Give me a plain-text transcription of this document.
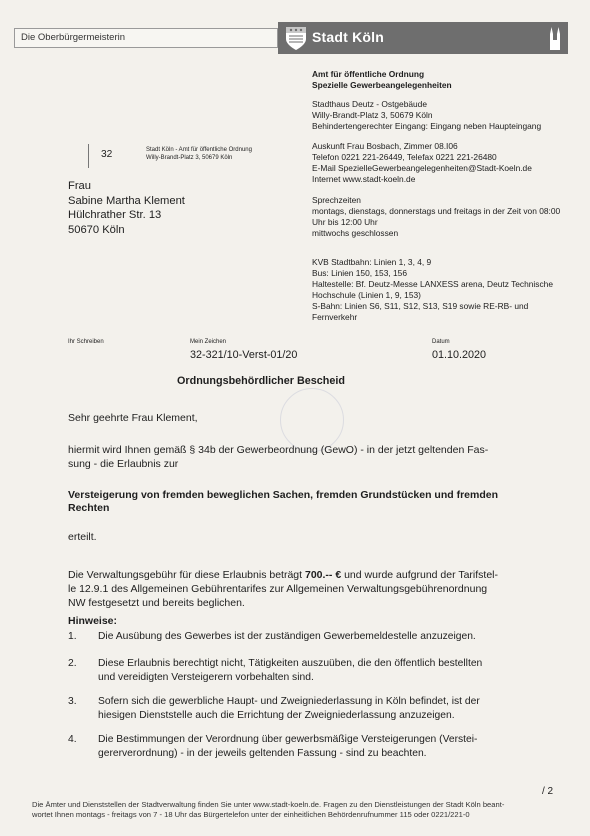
Die Oberbürgermeisterin	Stadt Köln
Amt für öffentliche Ordnung
Spezielle Gewerbeangelegenheiten
Stadthaus Deutz - Ostgebäude
Willy-Brandt-Platz 3, 50679 Köln
Behindertengerechter Eingang: Eingang neben Haupteingang
32	Stadt Köln - Amt für öffentliche Ordnung
Willy-Brandt-Platz 3, 50679 Köln
Auskunft Frau Bosbach, Zimmer 08.I06
Telefon 0221 221-26449, Telefax 0221 221-26480
E-Mail SpezielleGewerbeangelegenheiten@Stadt-Koeln.de
Internet www.stadt-koeln.de
Frau
Sabine Martha Klement
Hülchrather Str. 13
50670 Köln
Sprechzeiten
montags, dienstags, donnerstags und freitags in der Zeit von 08:00
Uhr bis 12:00 Uhr
mittwochs geschlossen
KVB Stadtbahn: Linien 1, 3, 4, 9
Bus: Linien 150, 153, 156
Haltestelle: Bf. Deutz-Messe LANXESS arena, Deutz Technische
Hochschule (Linien 1, 9, 153)
S-Bahn: Linien S6, S11, S12, S13, S19 sowie RE-RB- und
Fernverkehr
Ihr Schreiben	Mein Zeichen
32-321/10-Verst-01/20
Datum
01.10.2020
Ordnungsbehördlicher Bescheid
Sehr geehrte Frau Klement,
hiermit wird Ihnen gemäß § 34b der Gewerbeordnung (GewO) - in der jetzt geltenden Fas-
sung - die Erlaubnis zur
Versteigerung von fremden beweglichen Sachen, fremden Grundstücken und fremden
Rechten
erteilt.
Die Verwaltungsgebühr für diese Erlaubnis beträgt 700.-- € und wurde aufgrund der Tarifstel-
le 12.9.1 des Allgemeinen Gebührentarifes zur Allgemeinen Verwaltungsgebührenordnung
NW festgesetzt und bereits beglichen.
Hinweise:
1.	Die Ausübung des Gewerbes ist der zuständigen Gewerbemeldestelle anzuzeigen.
2.	Diese Erlaubnis berechtigt nicht, Tätigkeiten auszuüben, die den öffentlich bestellten
und vereidigten Versteigerern vorbehalten sind.
3.	Sofern sich die gewerbliche Haupt- und Zweigniederlassung in Köln befindet, ist der
hiesigen Dienststelle auch die Errichtung der Zweigniederlassung anzuzeigen.
4.	Die Bestimmungen der Verordnung über gewerbsmäßige Versteigerungen (Verstei-
gererverordnung) - in der jeweils geltenden Fassung - sind zu beachten.
/ 2
Die Ämter und Dienststellen der Stadtverwaltung finden Sie unter www.stadt-koeln.de. Fragen zu den Dienstleistungen der Stadt Köln beant-
wortet Ihnen montags - freitags von 7 - 18 Uhr das Bürgertelefon unter der einheitlichen Behördenrufnummer 115 oder 0221/221-0
